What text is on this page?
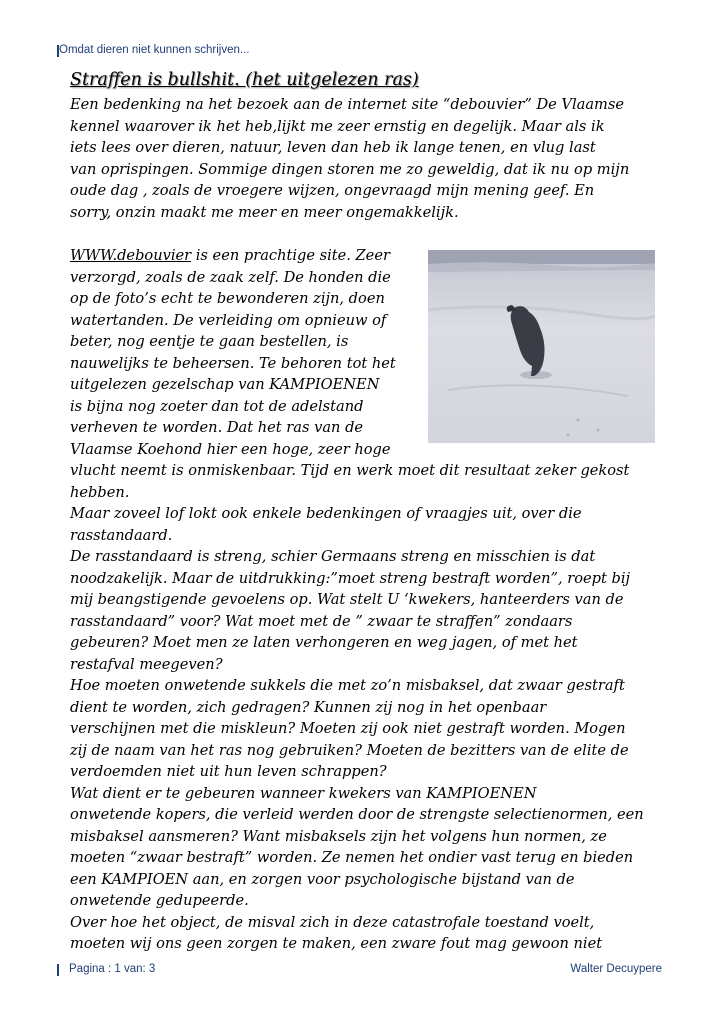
Omdat dieren niet kunnen schrijven...
Straffen is bullshit. (het uitgelezen ras)
Een bedenking na het bezoek aan de internet site “debouvier” De Vlaamse
kennel waarover ik het heb,lijkt me zeer ernstig en degelijk. Maar als ik
iets lees over dieren, natuur, leven dan heb ik lange tenen, en vlug last
van oprispingen. Sommige dingen storen me zo geweldig, dat ik nu op mijn
oude dag , zoals de vroegere wijzen, ongevraagd mijn mening geef. En
sorry, onzin maakt me meer en meer ongemakkelijk.
WWW.debouvier is een prachtige site. Zeer
verzorgd, zoals de zaak zelf. De honden die
op de foto’s echt te bewonderen zijn, doen
watertanden. De verleiding om opnieuw of
beter, nog eentje te gaan bestellen, is
nauwelijks te beheersen. Te behoren tot het
uitgelezen gezelschap van KAMPIOENEN
is bijna nog zoeter dan tot de adelstand
verheven te worden. Dat het ras van de
Vlaamse Koehond hier een hoge, zeer hoge
vlucht neemt is onmiskenbaar. Tijd en werk moet dit resultaat zeker gekost
hebben.
Maar zoveel lof lokt ook enkele bedenkingen of vraagjes uit, over die
rasstandaard.
De rasstandaard is streng, schier Germaans streng en misschien is dat
noodzakelijk. Maar de uitdrukking:”moet streng bestraft worden”, roept bij
mij beangstigende gevoelens op. Wat stelt U ‘kwekers, hanteerders van de
rasstandaard” voor? Wat moet met de ” zwaar te straffen” zondaars
gebeuren? Moet men ze laten verhongeren en weg jagen, of met het
restafval meegeven?
Hoe moeten onwetende sukkels die met zo’n misbaksel, dat zwaar gestraft
dient te worden, zich gedragen? Kunnen zij nog in het openbaar
verschijnen met die miskleun? Moeten zij ook niet gestraft worden. Mogen
zij de naam van het ras nog gebruiken? Moeten de bezitters van de elite de
verdoemden niet uit hun leven schrappen?
Wat dient er te gebeuren wanneer kwekers van KAMPIOENEN
onwetende kopers, die verleid werden door de strengste selectienormen, een
misbaksel aansmeren? Want misbaksels zijn het volgens hun normen, ze
moeten “zwaar bestraft” worden. Ze nemen het ondier vast terug en bieden
een KAMPIOEN aan, en zorgen voor psychologische bijstand van de
onwetende gedupeerde.
Over hoe het object, de misval zich in deze catastrofale toestand voelt,
moeten wij ons geen zorgen te maken, een zware fout mag gewoon niet
Pagina : 1 van: 3	Walter Decuypere
